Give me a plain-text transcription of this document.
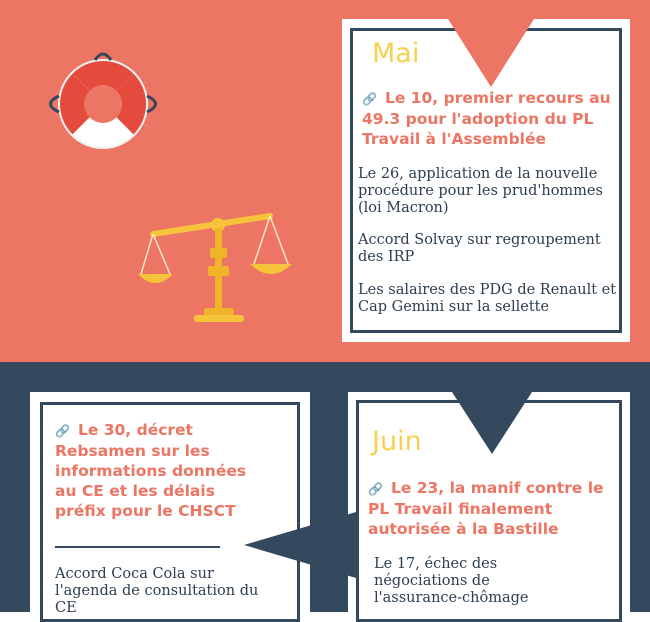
Mai
🔗 Le 10, premier recours au 49.3 pour l'adoption du PL Travail à l'Assemblée
Le 26, application de la nouvelle procédure pour les prud'hommes (loi Macron)
Accord Solvay sur regroupement des IRP
Les salaires des PDG de Renault et Cap Gemini sur la sellette
🔗 Le 30, décret Rebsamen sur les informations données au CE et les délais préfix pour le CHSCT
Accord Coca Cola sur l'agenda de consultation du CE
Juin
🔗 Le 23, la manif contre le PL Travail finalement autorisée à la Bastille
Le 17, échec des négociations de l'assurance-chômage
